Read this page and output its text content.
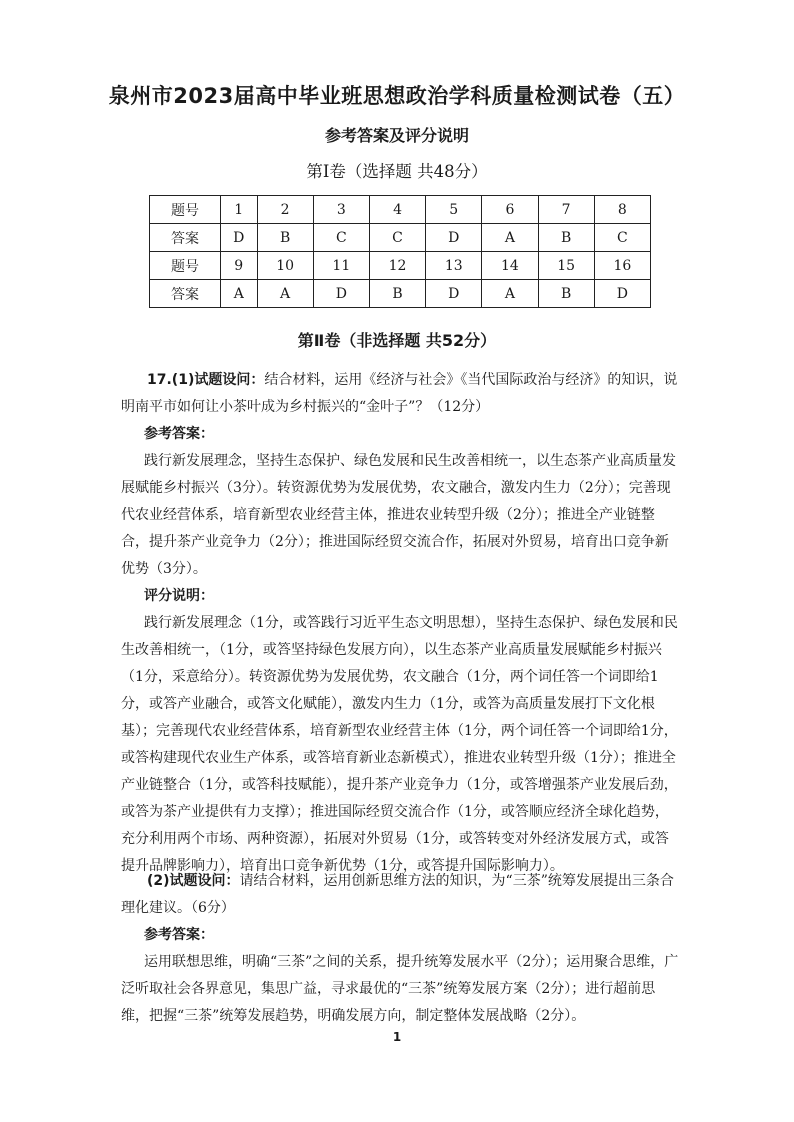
泉州市2023届高中毕业班思想政治学科质量检测试卷（五）
参考答案及评分说明
第Ⅰ卷（选择题 共48分）
题号	1	2	3	4	5	6	7	8
答案	D	B	C	C	D	A	B	C
题号	9	10	11	12	13	14	15	16
答案	A	A	D	B	D	A	B	D
第Ⅱ卷（非选择题 共52分）

17.(1)试题设问：结合材料，运用《经济与社会》《当代国际政治与经济》的知识，说明南平市如何让小茶叶成为乡村振兴的“金叶子”？（12分）

参考答案：

践行新发展理念，坚持生态保护、绿色发展和民生改善相统一，以生态茶产业高质量发展赋能乡村振兴（3分）。转资源优势为发展优势，农文融合，激发内生力（2分）；完善现代农业经营体系，培育新型农业经营主体，推进农业转型升级（2分）；推进全产业链整合，提升茶产业竞争力（2分）；推进国际经贸交流合作，拓展对外贸易，培育出口竞争新优势（3分）。

评分说明：

践行新发展理念（1分，或答践行习近平生态文明思想），坚持生态保护、绿色发展和民生改善相统一，（1分，或答坚持绿色发展方向），以生态茶产业高质量发展赋能乡村振兴（1分，采意给分）。转资源优势为发展优势，农文融合（1分，两个词任答一个词即给1分，或答产业融合，或答文化赋能），激发内生力（1分，或答为高质量发展打下文化根基）；完善现代农业经营体系，培育新型农业经营主体（1分，两个词任答一个词即给1分，或答构建现代农业生产体系，或答培育新业态新模式），推进农业转型升级（1分）；推进全产业链整合（1分，或答科技赋能），提升茶产业竞争力（1分，或答增强茶产业发展后劲，或答为茶产业提供有力支撑）；推进国际经贸交流合作（1分，或答顺应经济全球化趋势，充分利用两个市场、两种资源），拓展对外贸易（1分，或答转变对外经济发展方式，或答提升品牌影响力），培育出口竞争新优势（1分，或答提升国际影响力）。

(2)试题设问：请结合材料，运用创新思维方法的知识，为“三茶”统筹发展提出三条合理化建议。（6分）

参考答案：

运用联想思维，明确“三茶”之间的关系，提升统筹发展水平（2分）；运用聚合思维，广泛听取社会各界意见，集思广益，寻求最优的“三茶”统筹发展方案（2分）；进行超前思维，把握“三茶”统筹发展趋势，明确发展方向，制定整体发展战略（2分）。

1
